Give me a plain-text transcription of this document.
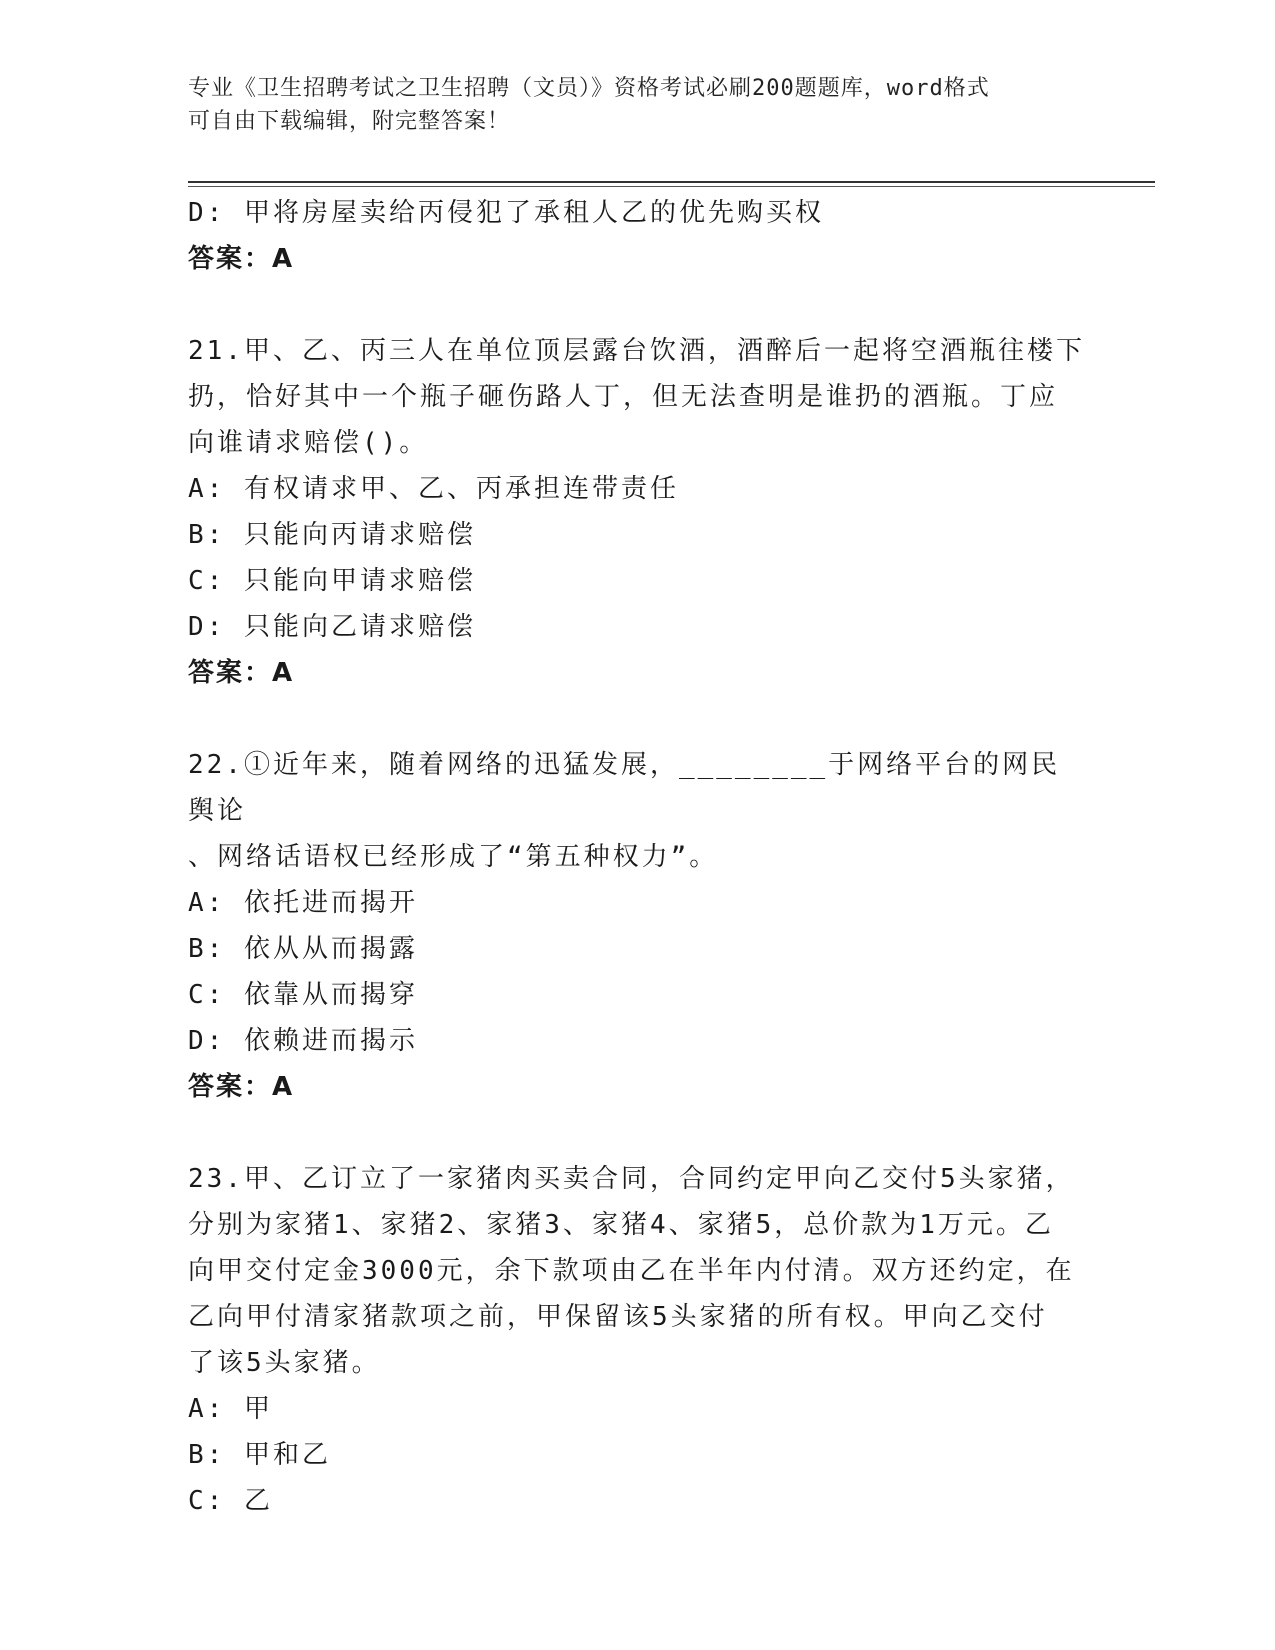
专业《卫生招聘考试之卫生招聘（文员）》资格考试必刷200题题库，word格式
可自由下载编辑，附完整答案！
D: 甲将房屋卖给丙侵犯了承租人乙的优先购买权
答案：A
21.甲、乙、丙三人在单位顶层露台饮酒，酒醉后一起将空酒瓶往楼下
扔，恰好其中一个瓶子砸伤路人丁，但无法查明是谁扔的酒瓶。丁应
向谁请求赔偿()。
A: 有权请求甲、乙、丙承担连带责任
B: 只能向丙请求赔偿
C: 只能向甲请求赔偿
D: 只能向乙请求赔偿
答案：A
22.①近年来，随着网络的迅猛发展，________于网络平台的网民舆论
、网络话语权已经形成了“第五种权力”。
A: 依托进而揭开
B: 依从从而揭露
C: 依靠从而揭穿
D: 依赖进而揭示
答案：A
23.甲、乙订立了一家猪肉买卖合同，合同约定甲向乙交付5头家猪，
分别为家猪1、家猪2、家猪3、家猪4、家猪5，总价款为1万元。乙
向甲交付定金3000元，余下款项由乙在半年内付清。双方还约定，在
乙向甲付清家猪款项之前，甲保留该5头家猪的所有权。甲向乙交付
了该5头家猪。
A: 甲
B: 甲和乙
C: 乙
